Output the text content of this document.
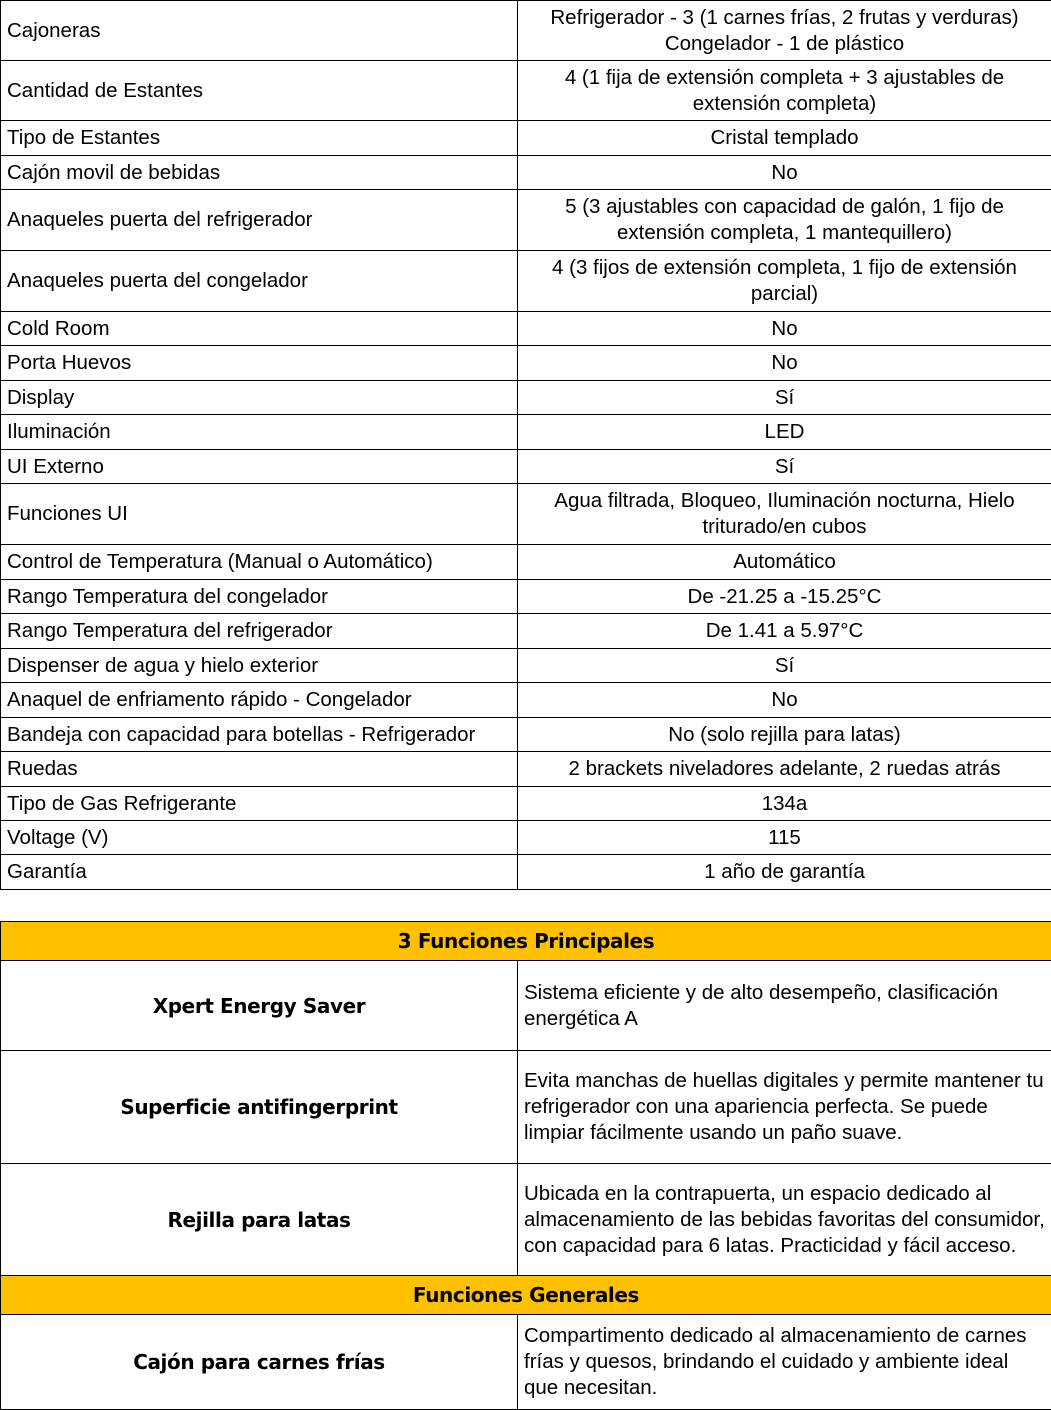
Cajoneras	Refrigerador - 3 (1 carnes frías, 2 frutas y verduras)
Congelador - 1 de plástico
Cantidad de Estantes	4 (1 fija de extensión completa + 3 ajustables de extensión completa)
Tipo de Estantes	Cristal templado
Cajón movil de bebidas	No
Anaqueles puerta del refrigerador	5 (3 ajustables con capacidad de galón, 1 fijo de extensión completa, 1 mantequillero)
Anaqueles puerta del congelador	4 (3 fijos de extensión completa, 1 fijo de extensión parcial)
Cold Room	No
Porta Huevos	No
Display	Sí
Iluminación	LED
UI Externo	Sí
Funciones UI	Agua filtrada, Bloqueo, Iluminación nocturna, Hielo triturado/en cubos
Control de Temperatura (Manual o Automático)	Automático
Rango Temperatura del congelador	De -21.25 a -15.25°C
Rango Temperatura del refrigerador	De 1.41 a 5.97°C
Dispenser de agua y hielo exterior	Sí
Anaquel de enfriamento rápido - Congelador	No
Bandeja con capacidad para botellas - Refrigerador	No (solo rejilla para latas)
Ruedas	2 brackets niveladores adelante, 2 ruedas atrás
Tipo de Gas Refrigerante	134a
Voltage (V)	115
Garantía	1 año de garantía
3 Funciones Principales	
Xpert Energy Saver	Sistema eficiente y de alto desempeño, clasificación energética A
Superficie antifingerprint	Evita manchas de huellas digitales y permite mantener tu refrigerador con una apariencia perfecta. Se puede limpiar fácilmente usando un paño suave.
Rejilla para latas	Ubicada en la contrapuerta, un espacio dedicado al almacenamiento de las bebidas favoritas del consumidor, con capacidad para 6 latas. Practicidad y fácil acceso.
Funciones Generales	
Cajón para carnes frías	Compartimento dedicado al almacenamiento de carnes frías y quesos, brindando el cuidado y ambiente ideal que necesitan.
